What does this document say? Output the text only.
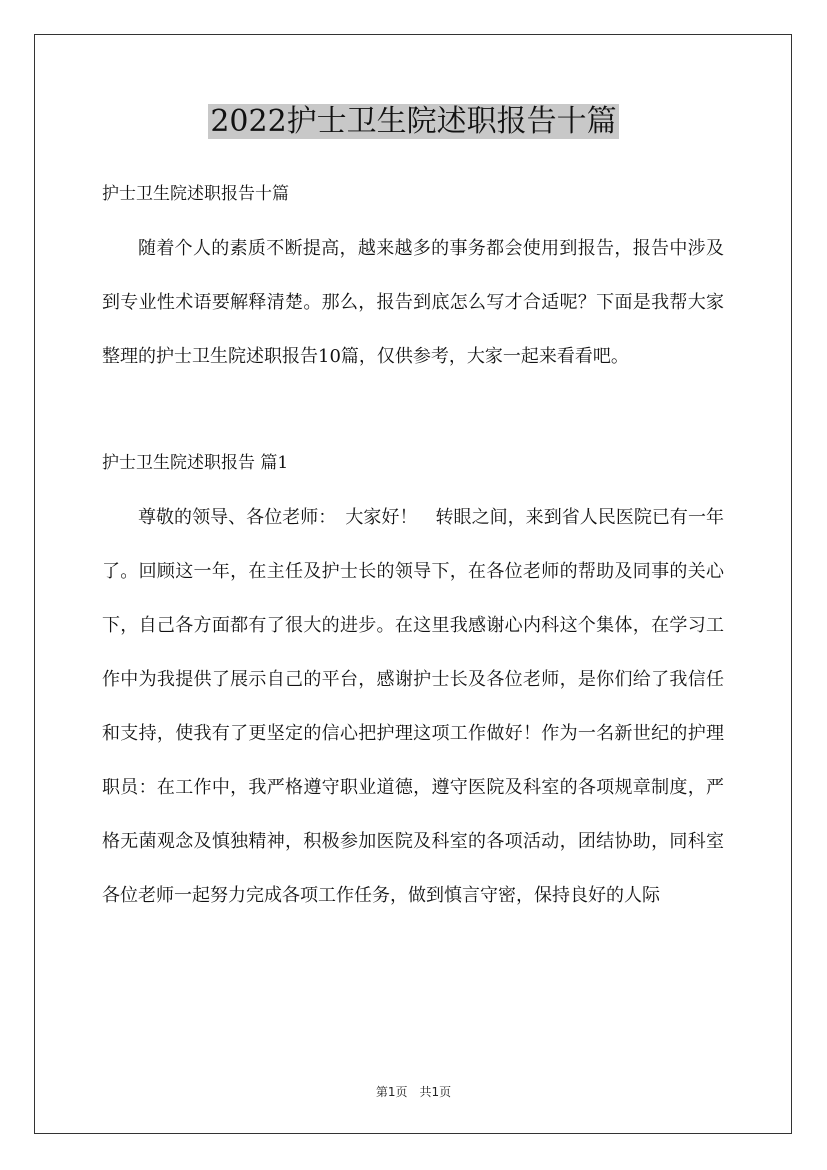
2022护士卫生院述职报告十篇

护士卫生院述职报告十篇

随着个人的素质不断提高，越来越多的事务都会使用到报告，报告中涉及到专业性术语要解释清楚。那么，报告到底怎么写才合适呢？下面是我帮大家整理的护士卫生院述职报告10篇，仅供参考，大家一起来看看吧。

护士卫生院述职报告 篇1

尊敬的领导、各位老师：　大家好！　转眼之间，来到省人民医院已有一年了。回顾这一年，在主任及护士长的领导下，在各位老师的帮助及同事的关心下，自己各方面都有了很大的进步。在这里我感谢心内科这个集体，在学习工作中为我提供了展示自己的平台，感谢护士长及各位老师，是你们给了我信任和支持，使我有了更坚定的信心把护理这项工作做好！作为一名新世纪的护理职员：在工作中，我严格遵守职业道德，遵守医院及科室的各项规章制度，严格无菌观念及慎独精神，积极参加医院及科室的各项活动，团结协助，同科室各位老师一起努力完成各项工作任务，做到慎言守密，保持良好的人际

第1页　共1页
